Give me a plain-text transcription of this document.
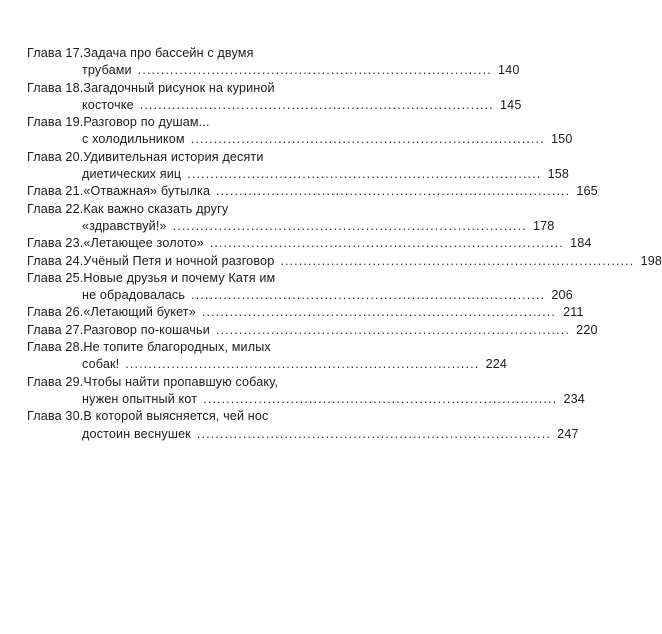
Глава 17. Задача про бассейн с двумя
трубами . . .	140
Глава 18. Загадочный рисунок на куриной
косточке . . .	145
Глава 19. Разговор по душам...
с холодильником . . .	150
Глава 20. Удивительная история десяти
диетических яиц . . .	158
Глава 21. «Отважная» бутылка . . .	165
Глава 22. Как важно сказать другу
«здравствуй!» . . .	178
Глава 23. «Летающее золото» . . .	184
Глава 24. Учёный Петя и ночной разговор . . .	198
Глава 25. Новые друзья и почему Катя им
не обрадовалась . . .	206
Глава 26. «Летающий букет» . . .	211
Глава 27. Разговор по-кошачьи . . .	220
Глава 28. Не топите благородных, милых
собак! . . .	224
Глава 29. Чтобы найти пропавшую собаку,
нужен опытный кот . . .	234
Глава 30. В которой выясняется, чей нос
достоин веснушек . . .	247
